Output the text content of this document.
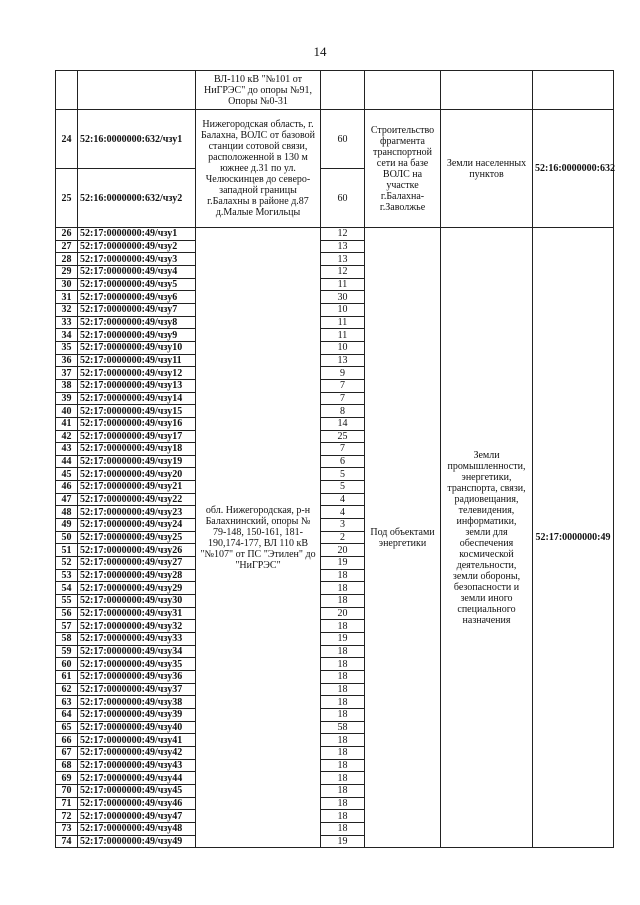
14
		ВЛ-110 кВ "№101 от НиГРЭС" до опоры №91, Опоры №0-31				
24	52:16:0000000:632/чзу1	Нижегородская область, г. Балахна, ВОЛС от базовой станции сотовой связи, расположенной в 130 м южнее д.31 по ул. Челюскинцев до северо-западной границы г.Балахны в районе д.87 д.Малые Могильцы	60	Строительство фрагмента транспортной сети на базе ВОЛС на участке г.Балахна-г.Заволжье	Земли населенных пунктов	52:16:0000000:632
25	52:16:0000000:632/чзу2		60			
26	52:17:0000000:49/чзу1	обл. Нижегородская, р-н Балахнинский, опоры № 79-148, 150-161, 181-190,174-177, ВЛ 110 кВ "№107" от ПС "Этилен" до "НиГРЭС"	12	Под объектами энергетики	Земли промышленности, энергетики, транспорта, связи, радиовещания, телевидения, информатики, земли для обеспечения космической деятельности, земли обороны, безопасности и земли иного специального назначения	52:17:0000000:49
27	52:17:0000000:49/чзу2		13			
28	52:17:0000000:49/чзу3		13			
29	52:17:0000000:49/чзу4		12			
30	52:17:0000000:49/чзу5		11			
31	52:17:0000000:49/чзу6		30			
32	52:17:0000000:49/чзу7		10			
33	52:17:0000000:49/чзу8		11			
34	52:17:0000000:49/чзу9		11			
35	52:17:0000000:49/чзу10		10			
36	52:17:0000000:49/чзу11		13			
37	52:17:0000000:49/чзу12		9			
38	52:17:0000000:49/чзу13		7			
39	52:17:0000000:49/чзу14		7			
40	52:17:0000000:49/чзу15		8			
41	52:17:0000000:49/чзу16		14			
42	52:17:0000000:49/чзу17		25			
43	52:17:0000000:49/чзу18		7			
44	52:17:0000000:49/чзу19		6			
45	52:17:0000000:49/чзу20		5			
46	52:17:0000000:49/чзу21		5			
47	52:17:0000000:49/чзу22		4			
48	52:17:0000000:49/чзу23		4			
49	52:17:0000000:49/чзу24		3			
50	52:17:0000000:49/чзу25		2			
51	52:17:0000000:49/чзу26		20			
52	52:17:0000000:49/чзу27		19			
53	52:17:0000000:49/чзу28		18			
54	52:17:0000000:49/чзу29		18			
55	52:17:0000000:49/чзу30		18			
56	52:17:0000000:49/чзу31		20			
57	52:17:0000000:49/чзу32		18			
58	52:17:0000000:49/чзу33		19			
59	52:17:0000000:49/чзу34		18			
60	52:17:0000000:49/чзу35		18			
61	52:17:0000000:49/чзу36		18			
62	52:17:0000000:49/чзу37		18			
63	52:17:0000000:49/чзу38		18			
64	52:17:0000000:49/чзу39		18			
65	52:17:0000000:49/чзу40		58			
66	52:17:0000000:49/чзу41		18			
67	52:17:0000000:49/чзу42		18			
68	52:17:0000000:49/чзу43		18			
69	52:17:0000000:49/чзу44		18			
70	52:17:0000000:49/чзу45		18			
71	52:17:0000000:49/чзу46		18			
72	52:17:0000000:49/чзу47		18			
73	52:17:0000000:49/чзу48		18			
74	52:17:0000000:49/чзу49		19			
